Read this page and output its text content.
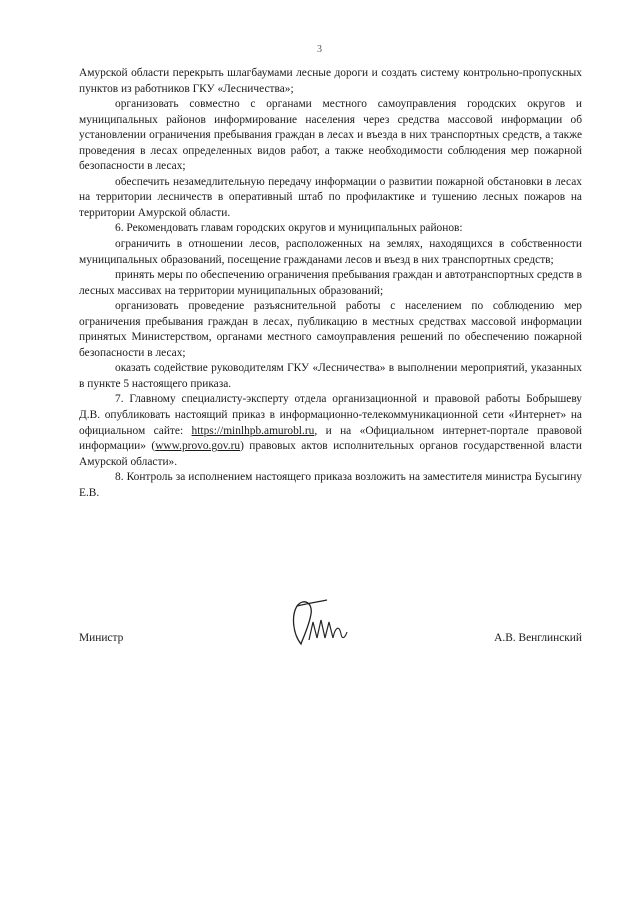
3

Амурской области перекрыть шлагбаумами лесные дороги и создать систему контрольно-пропускных пунктов из работников ГКУ «Лесничества»;

организовать совместно с органами местного самоуправления городских округов и муниципальных районов информирование населения через средства массовой информации об установлении ограничения пребывания граждан в лесах и въезда в них транспортных средств, а также проведения в лесах определенных видов работ, а также необходимости соблюдения мер пожарной безопасности в лесах;

обеспечить незамедлительную передачу информации о развитии пожарной обстановки в лесах на территории лесничеств в оперативный штаб по профилактике и тушению лесных пожаров на территории Амурской области.

6. Рекомендовать главам городских округов и муниципальных районов:

ограничить в отношении лесов, расположенных на землях, находящихся в собственности муниципальных образований, посещение гражданами лесов и въезд в них транспортных средств;

принять меры по обеспечению ограничения пребывания граждан и автотранспортных средств в лесных массивах на территории муниципальных образований;

организовать проведение разъяснительной работы с населением по соблюдению мер ограничения пребывания граждан в лесах, публикацию в местных средствах массовой информации принятых Министерством, органами местного самоуправления решений по обеспечению пожарной безопасности в лесах;

оказать содействие руководителям ГКУ «Лесничества» в выполнении мероприятий, указанных в пункте 5 настоящего приказа.

7. Главному специалисту-эксперту отдела организационной и правовой работы Бобрышеву Д.В. опубликовать настоящий приказ в информационно-телекоммуникационной сети «Интернет» на официальном сайте: https://minlhpb.amurobl.ru, и на «Официальном интернет-портале правовой информации» (www.provo.gov.ru) правовых актов исполнительных органов государственной власти Амурской области».

8. Контроль за исполнением настоящего приказа возложить на заместителя министра Бусыгину Е.В.

Министр	А.В. Венглинский
